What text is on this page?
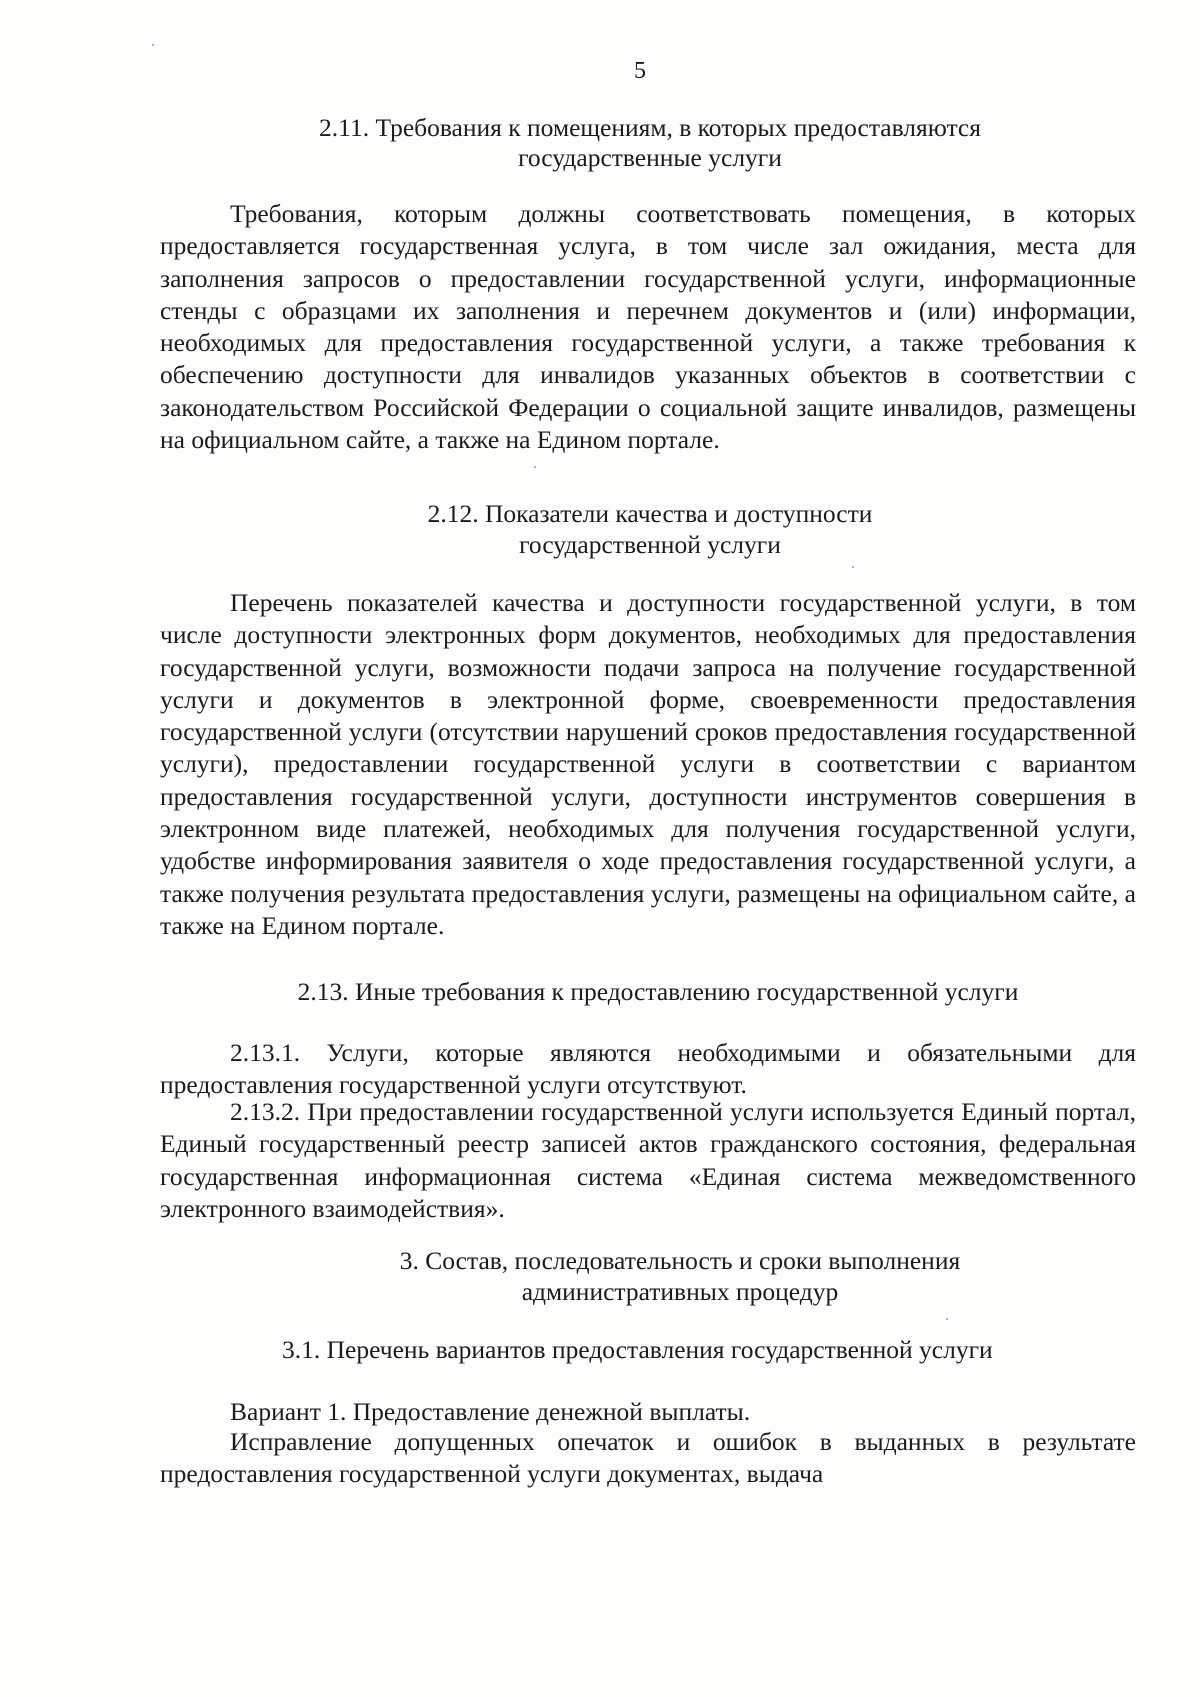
5
2.11. Требования к помещениям, в которых предоставляются
государственные услуги

Требования, которым должны соответствовать помещения, в которых предоставляется государственная услуга, в том числе зал ожидания, места для заполнения запросов о предоставлении государственной услуги, информационные стенды с образцами их заполнения и перечнем документов и (или) информации, необходимых для предоставления государственной услуги, а также требования к обеспечению доступности для инвалидов указанных объектов в соответствии с законодательством Российской Федерации о социальной защите инвалидов, размещены на официальном сайте, а также на Едином портале.

2.12. Показатели качества и доступности
государственной услуги

Перечень показателей качества и доступности государственной услуги, в том числе доступности электронных форм документов, необходимых для предоставления государственной услуги, возможности подачи запроса на получение государственной услуги и документов в электронной форме, своевременности предоставления государственной услуги (отсутствии нарушений сроков предоставления государственной услуги), предоставлении государственной услуги в соответствии с вариантом предоставления государственной услуги, доступности инструментов совершения в электронном виде платежей, необходимых для получения государственной услуги, удобстве информирования заявителя о ходе предоставления государственной услуги, а также получения результата предоставления услуги, размещены на официальном сайте, а также на Едином портале.

2.13. Иные требования к предоставлению государственной услуги

2.13.1. Услуги, которые являются необходимыми и обязательными для предоставления государственной услуги отсутствуют.

2.13.2. При предоставлении государственной услуги используется Единый портал, Единый государственный реестр записей актов гражданского состояния, федеральная государственная информационная система «Единая система межведомственного электронного взаимодействия».

3. Состав, последовательность и сроки выполнения
административных процедур
3.1. Перечень вариантов предоставления государственной услуги
Вариант 1. Предоставление денежной выплаты.

Исправление допущенных опечаток и ошибок в выданных в результате предоставления государственной услуги документах, выдача
